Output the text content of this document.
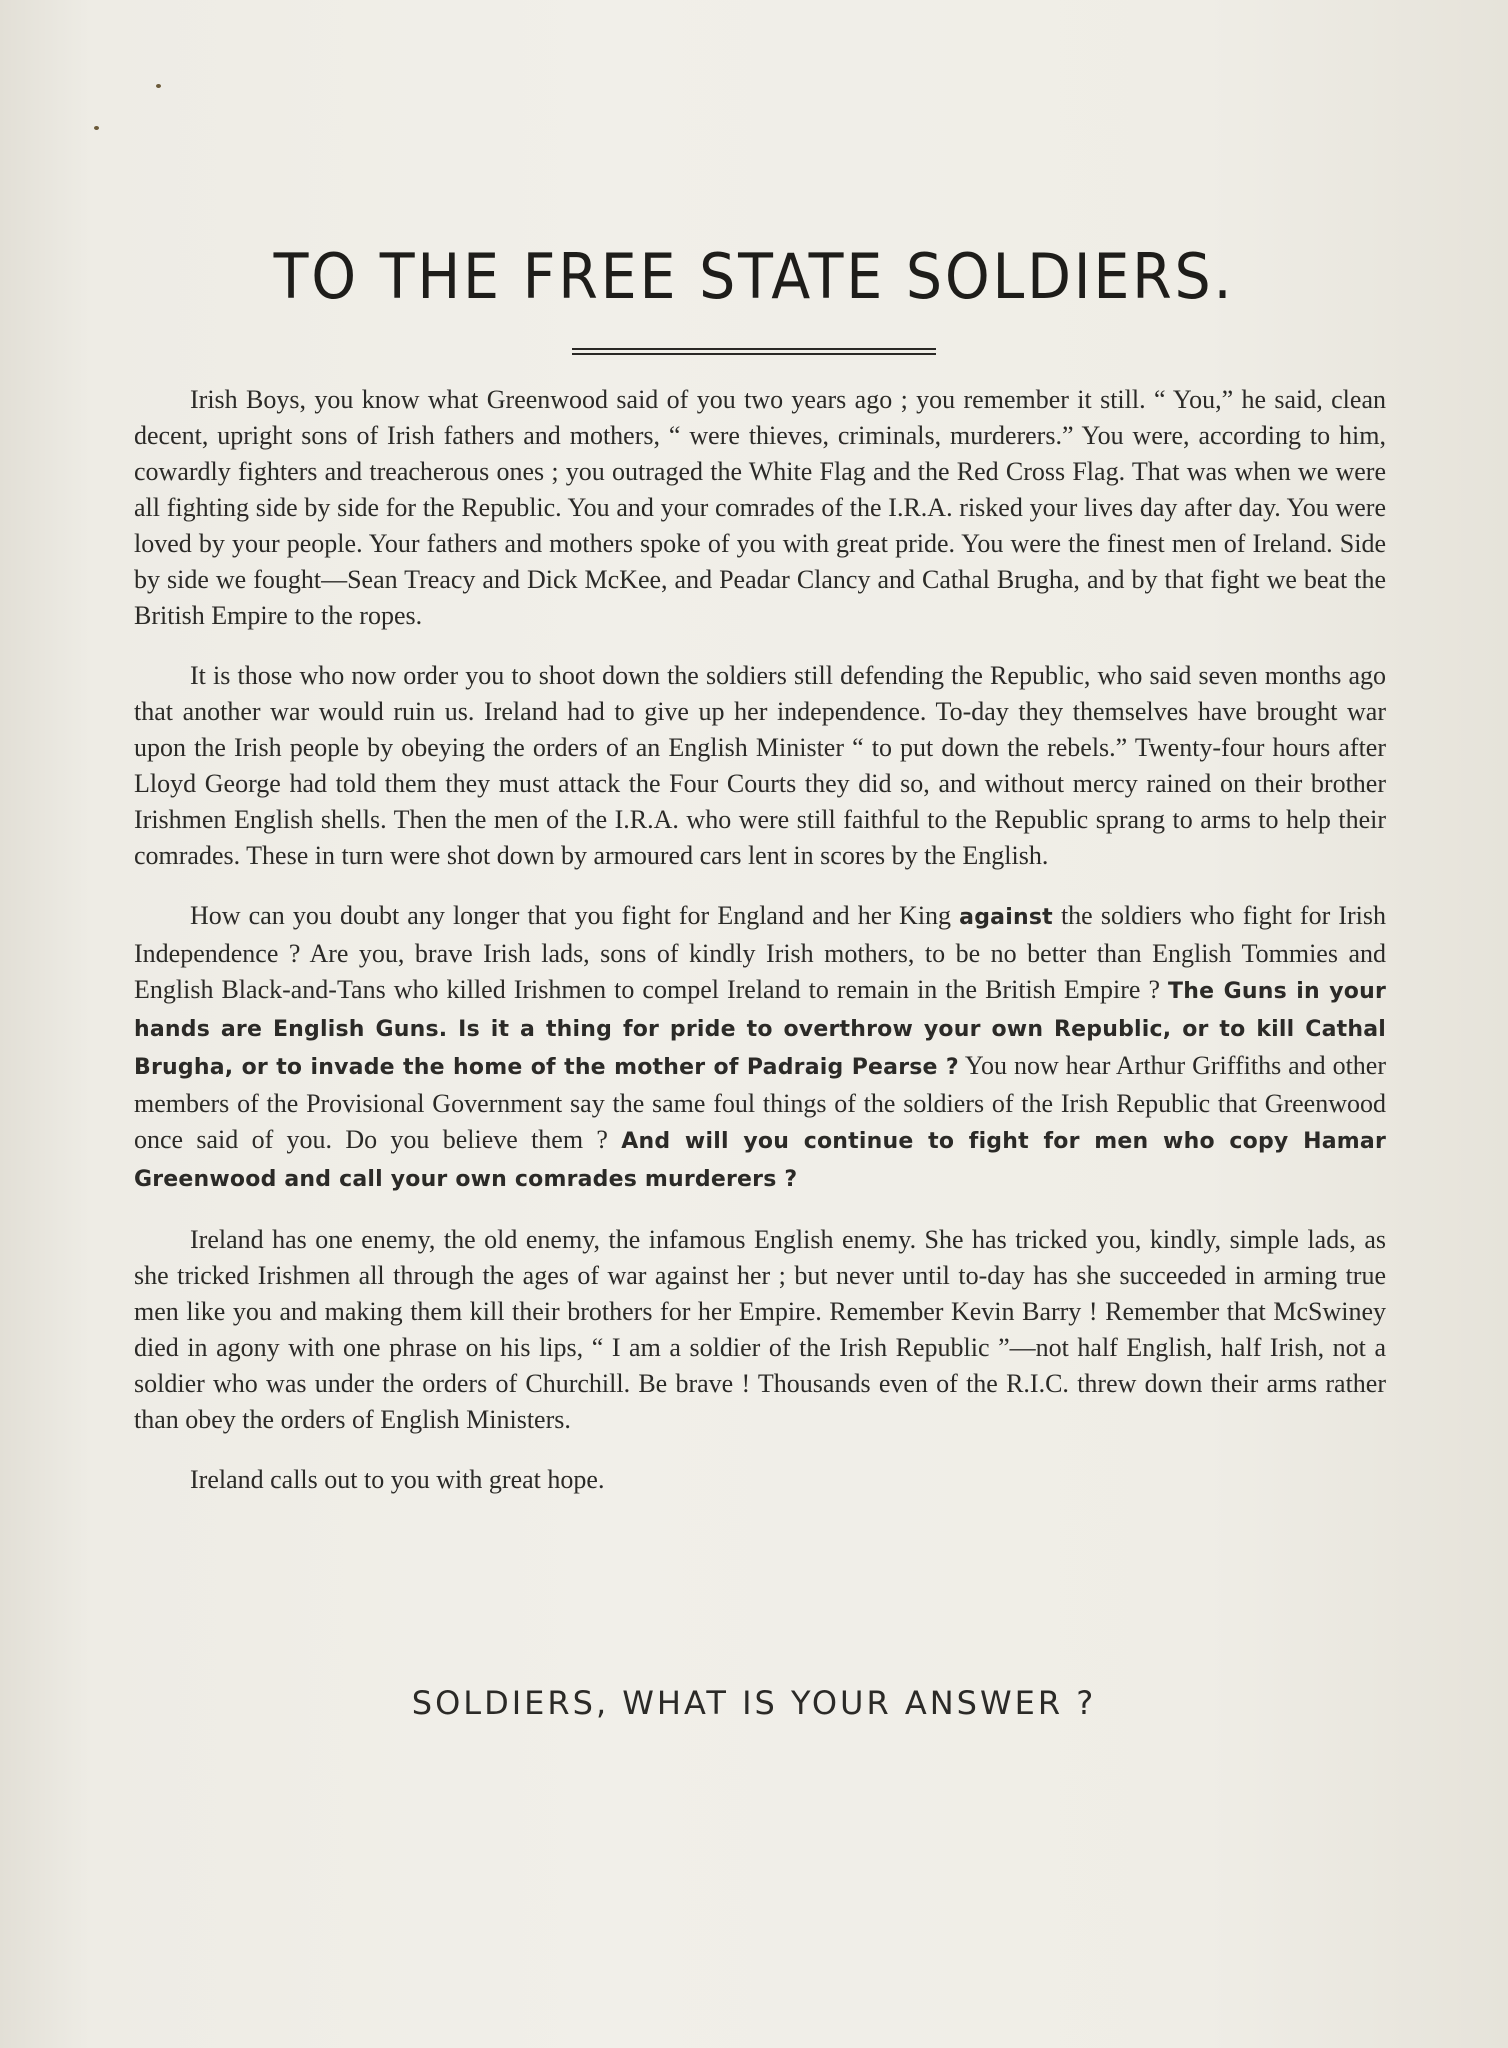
TO THE FREE STATE SOLDIERS.

Irish Boys, you know what Greenwood said of you two years ago ; you remember it still. “ You,” he said, clean decent, upright sons of Irish fathers and mothers, “ were thieves, criminals, murderers.” You were, according to him, cowardly fighters and treacherous ones ; you outraged the White Flag and the Red Cross Flag. That was when we were all fighting side by side for the Republic. You and your comrades of the I.R.A. risked your lives day after day. You were loved by your people. Your fathers and mothers spoke of you with great pride. You were the finest men of Ireland. Side by side we fought—Sean Treacy and Dick McKee, and Peadar Clancy and Cathal Brugha, and by that fight we beat the British Empire to the ropes.

It is those who now order you to shoot down the soldiers still defending the Republic, who said seven months ago that another war would ruin us. Ireland had to give up her independence. To-day they themselves have brought war upon the Irish people by obeying the orders of an English Minister “ to put down the rebels.” Twenty-four hours after Lloyd George had told them they must attack the Four Courts they did so, and without mercy rained on their brother Irishmen English shells. Then the men of the I.R.A. who were still faithful to the Republic sprang to arms to help their comrades. These in turn were shot down by armoured cars lent in scores by the English.

How can you doubt any longer that you fight for England and her King against the soldiers who fight for Irish Independence ? Are you, brave Irish lads, sons of kindly Irish mothers, to be no better than English Tommies and English Black-and-Tans who killed Irishmen to compel Ireland to remain in the British Empire ? The Guns in your hands are English Guns. Is it a thing for pride to overthrow your own Republic, or to kill Cathal Brugha, or to invade the home of the mother of Padraig Pearse ? You now hear Arthur Griffiths and other members of the Provisional Government say the same foul things of the soldiers of the Irish Republic that Greenwood once said of you. Do you believe them ? And will you continue to fight for men who copy Hamar Greenwood and call your own comrades murderers ?

Ireland has one enemy, the old enemy, the infamous English enemy. She has tricked you, kindly, simple lads, as she tricked Irishmen all through the ages of war against her ; but never until to-day has she succeeded in arming true men like you and making them kill their brothers for her Empire. Remember Kevin Barry ! Remember that McSwiney died in agony with one phrase on his lips, “ I am a soldier of the Irish Republic ”—not half English, half Irish, not a soldier who was under the orders of Churchill. Be brave ! Thousands even of the R.I.C. threw down their arms rather than obey the orders of English Ministers.

Ireland calls out to you with great hope.

SOLDIERS, WHAT IS YOUR ANSWER ?
